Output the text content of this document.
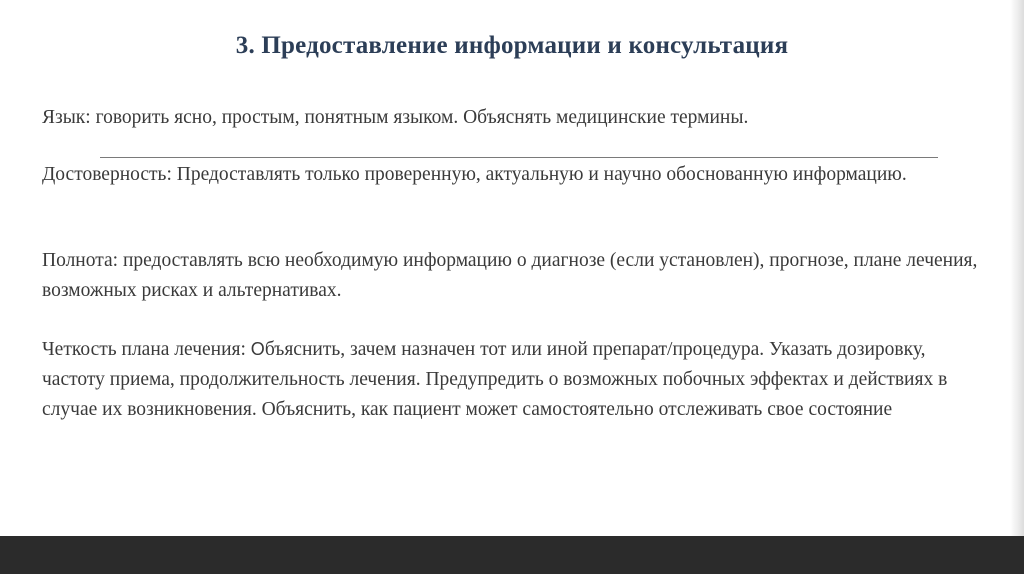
3. Предоставление информации и консультация

Язык: говорить ясно, простым, понятным языком. Объяснять медицинские термины.

Достоверность: Предоставлять только проверенную, актуальную и научно обоснованную информацию.

Полнота: предоставлять всю необходимую информацию о диагнозе (если установлен), прогнозе, плане лечения, возможных рисках и альтернативах.

Четкость плана лечения: Объяснить, зачем назначен тот или иной препарат/процедура. Указать дозировку, частоту приема, продолжительность лечения. Предупредить о возможных побочных эффектах и действиях в случае их возникновения. Объяснить, как пациент может самостоятельно отслеживать свое состояние
